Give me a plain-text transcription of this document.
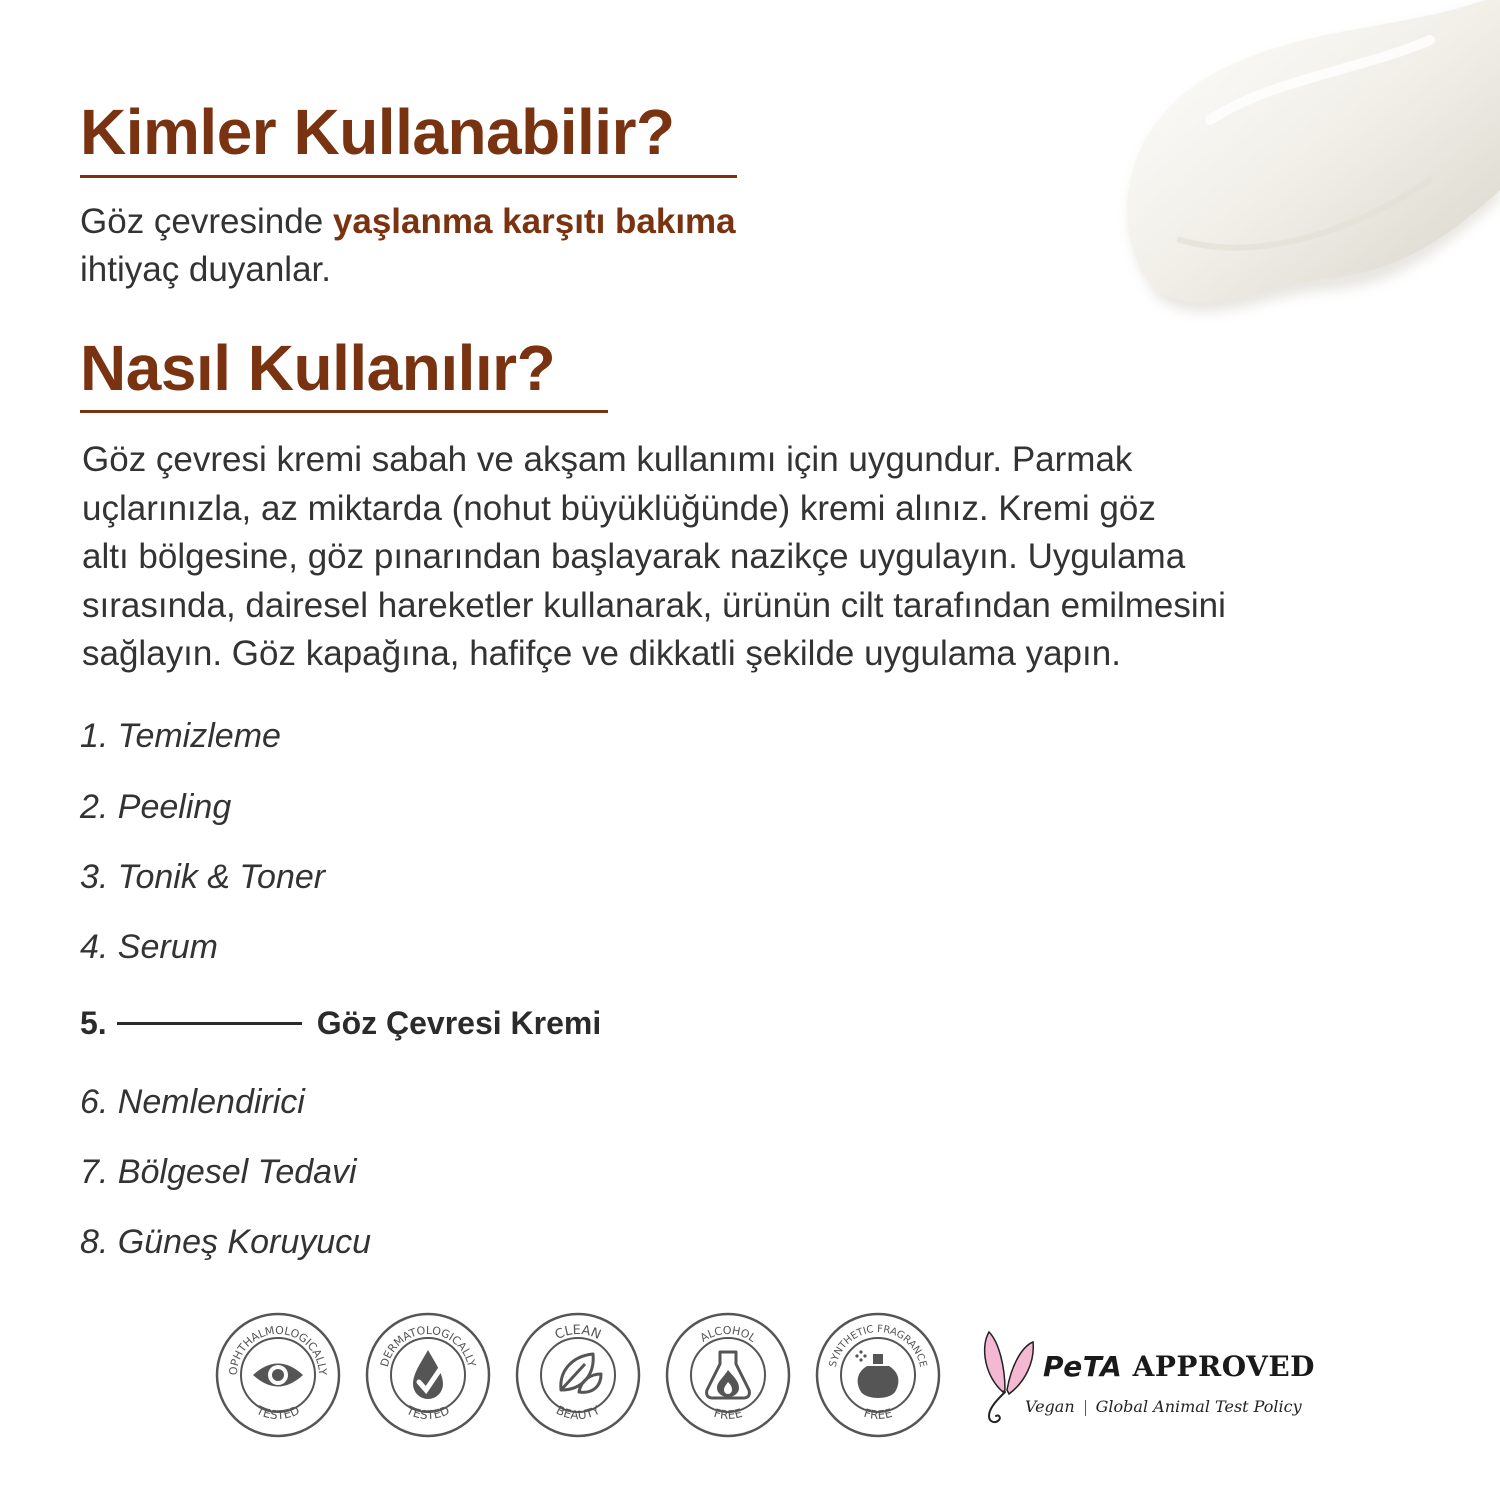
Kimler Kullanabilir?
Göz çevresinde yaşlanma karşıtı bakıma
ihtiyaç duyanlar.
Nasıl Kullanılır?
Göz çevresi kremi sabah ve akşam kullanımı için uygundur. Parmak
uçlarınızla, az miktarda (nohut büyüklüğünde) kremi alınız. Kremi göz
altı bölgesine, göz pınarından başlayarak nazikçe uygulayın. Uygulama
sırasında, dairesel hareketler kullanarak, ürünün cilt tarafından emilmesini
sağlayın. Göz kapağına, hafifçe ve dikkatli şekilde uygulama yapın.
1. Temizleme
2. Peeling
3. Tonik & Toner
4. Serum
5.	Göz Çevresi Kremi
6. Nemlendirici
7. Bölgesel Tedavi
8. Güneş Koruyucu
OPHTHALMOLOGICALLY
TESTED
DERMATOLOGICALLY
TESTED
CLEAN
BEAUTY
ALCOHOL
FREE
SYNTHETIC FRAGRANCE
FREE
PeTA APPROVED
Vegan Global Animal Test Policy
